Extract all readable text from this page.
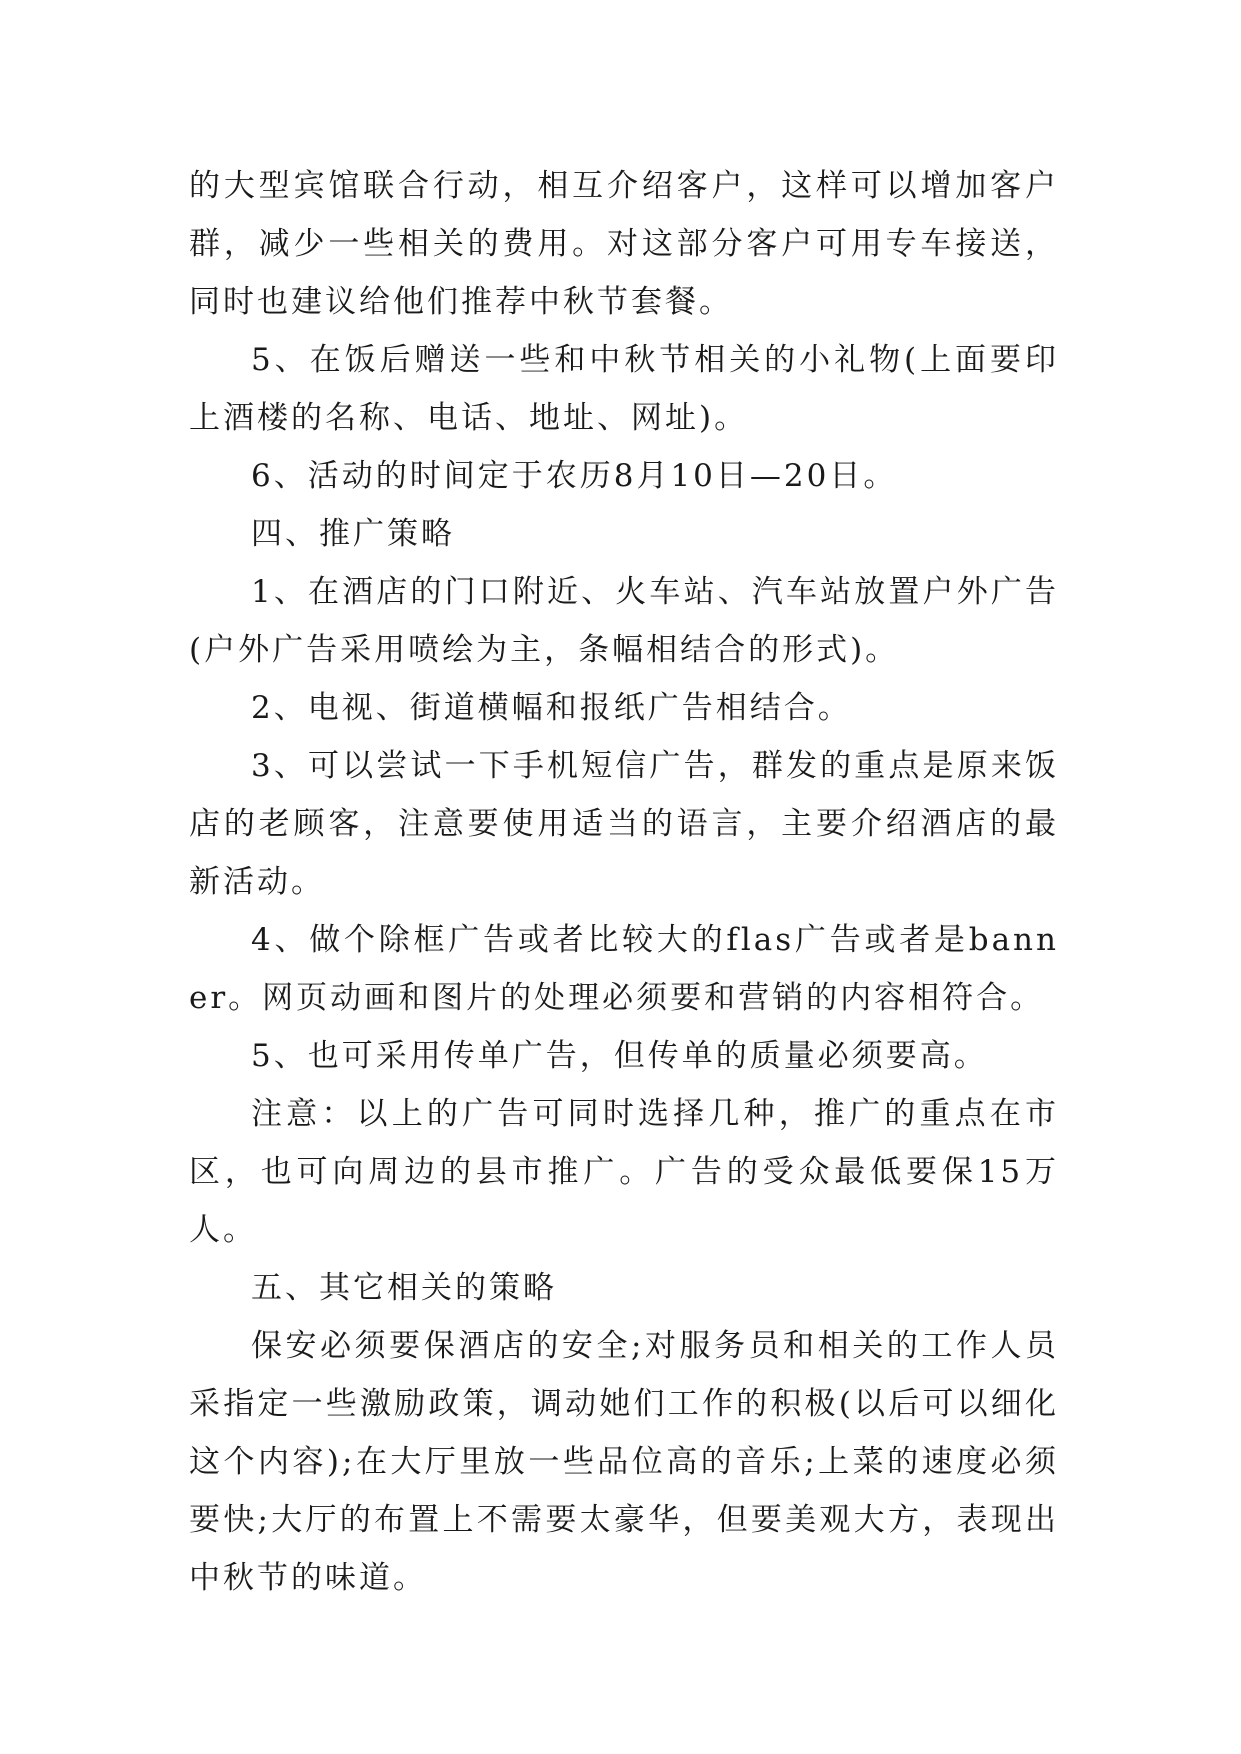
的大型宾馆联合行动，相互介绍客户，这样可以增加客户群，减少一些相关的费用。对这部分客户可用专车接送，同时也建议给他们推荐中秋节套餐。

5、在饭后赠送一些和中秋节相关的小礼物(上面要印上酒楼的名称、电话、地址、网址)。

6、活动的时间定于农历8月10日—20日。

四、推广策略

1、在酒店的门口附近、火车站、汽车站放置户外广告(户外广告采用喷绘为主，条幅相结合的形式)。

2、电视、街道横幅和报纸广告相结合。

3、可以尝试一下手机短信广告，群发的重点是原来饭店的老顾客，注意要使用适当的语言，主要介绍酒店的最新活动。

4、做个除框广告或者比较大的flas广告或者是banner。网页动画和图片的处理必须要和营销的内容相符合。

5、也可采用传单广告，但传单的质量必须要高。

注意：以上的广告可同时选择几种，推广的重点在市区，也可向周边的县市推广。广告的受众最低要保15万人。

五、其它相关的策略

保安必须要保酒店的安全;对服务员和相关的工作人员采指定一些激励政策，调动她们工作的积极(以后可以细化这个内容);在大厅里放一些品位高的音乐;上菜的速度必须要快;大厅的布置上不需要太豪华，但要美观大方，表现出中秋节的味道。
